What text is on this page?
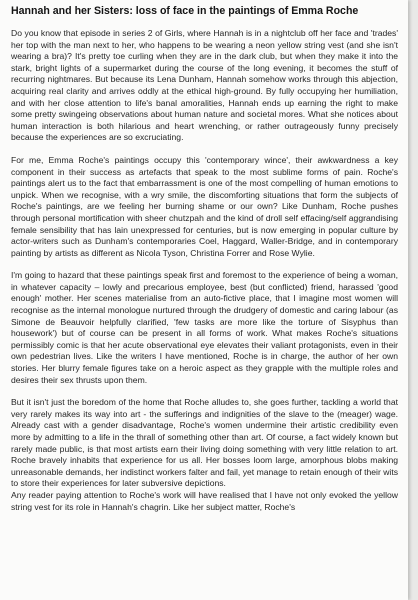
Hannah and her Sisters: loss of face in the paintings of Emma Roche

Do you know that episode in series 2 of Girls, where Hannah is in a nightclub off her face and 'trades' her top with the man next to her, who happens to be wearing a neon yellow string vest (and she isn't wearing a bra)? It's pretty toe curling when they are in the dark club, but when they make it into the stark, bright lights of a supermarket during the course of the long evening, it becomes the stuff of recurring nightmares. But because its Lena Dunham, Hannah somehow works through this abjection, acquiring real clarity and arrives oddly at the ethical high-ground. By fully occupying her humiliation, and with her close attention to life's banal amoralities, Hannah ends up earning the right to make some pretty swingeing observations about human nature and societal mores. What she notices about human interaction is both hilarious and heart wrenching, or rather outrageously funny precisely because the experiences are so excruciating.

For me, Emma Roche's paintings occupy this 'contemporary wince', their awkwardness a key component in their success as artefacts that speak to the most sublime forms of pain. Roche's paintings alert us to the fact that embarrassment is one of the most compelling of human emotions to unpick. When we recognise, with a wry smile, the discomforting situations that form the subjects of Roche's paintings, are we feeling her burning shame or our own? Like Dunham, Roche pushes through personal mortification with sheer chutzpah and the kind of droll self effacing/self aggrandising female sensibility that has lain unexpressed for centuries, but is now emerging in popular culture by actor-writers such as Dunham's contemporaries Coel, Haggard, Waller-Bridge, and in contemporary painting by artists as different as Nicola Tyson, Christina Forrer and Rose Wylie.

I'm going to hazard that these paintings speak first and foremost to the experience of being a woman, in whatever capacity – lowly and precarious employee, best (but conflicted) friend, harassed 'good enough' mother. Her scenes materialise from an auto-fictive place, that I imagine most women will recognise as the internal monologue nurtured through the drudgery of domestic and caring labour (as Simone de Beauvoir helpfully clarified, 'few tasks are more like the torture of Sisyphus than housework') but of course can be present in all forms of work. What makes Roche's situations permissibly comic is that her acute observational eye elevates their valiant protagonists, even in their own pedestrian lives. Like the writers I have mentioned, Roche is in charge, the author of her own stories. Her blurry female figures take on a heroic aspect as they grapple with the multiple roles and desires their sex thrusts upon them.

But it isn't just the boredom of the home that Roche alludes to, she goes further, tackling a world that very rarely makes its way into art - the sufferings and indignities of the slave to the (meager) wage. Already cast with a gender disadvantage, Roche's women undermine their artistic credibility even more by admitting to a life in the thrall of something other than art. Of course, a fact widely known but rarely made public, is that most artists earn their living doing something with very little relation to art. Roche bravely inhabits that experience for us all. Her bosses loom large, amorphous blobs making unreasonable demands, her indistinct workers falter and fail, yet manage to retain enough of their wits to store their experiences for later subversive depictions.

Any reader paying attention to Roche's work will have realised that I have not only evoked the yellow string vest for its role in Hannah's chagrin. Like her subject matter, Roche's
